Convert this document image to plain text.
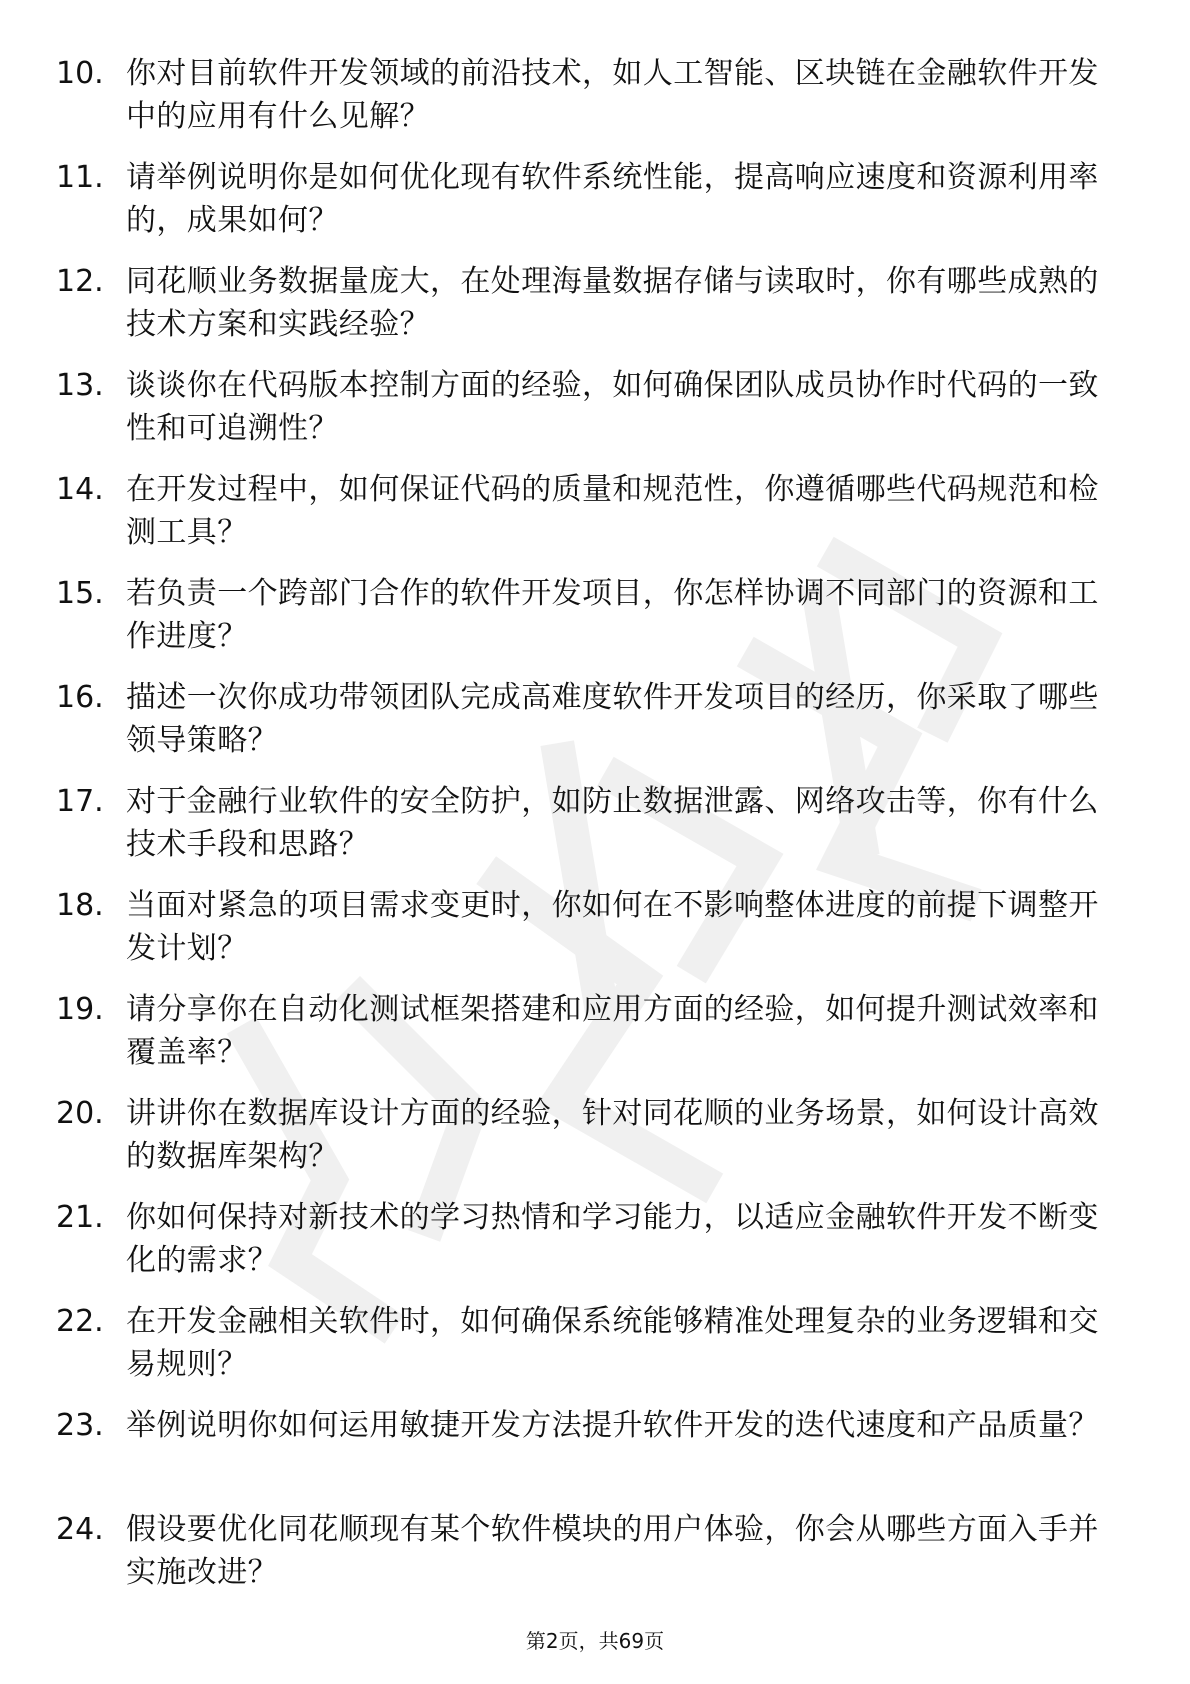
10. 你对目前软件开发领域的前沿技术，如人工智能、区块链在金融软件开发中的应用有什么见解？
11. 请举例说明你是如何优化现有软件系统性能，提高响应速度和资源利用率的，成果如何？
12. 同花顺业务数据量庞大，在处理海量数据存储与读取时，你有哪些成熟的技术方案和实践经验？
13. 谈谈你在代码版本控制方面的经验，如何确保团队成员协作时代码的一致性和可追溯性？
14. 在开发过程中，如何保证代码的质量和规范性，你遵循哪些代码规范和检测工具？
15. 若负责一个跨部门合作的软件开发项目，你怎样协调不同部门的资源和工作进度？
16. 描述一次你成功带领团队完成高难度软件开发项目的经历，你采取了哪些领导策略？
17. 对于金融行业软件的安全防护，如防止数据泄露、网络攻击等，你有什么技术手段和思路？
18. 当面对紧急的项目需求变更时，你如何在不影响整体进度的前提下调整开发计划？
19. 请分享你在自动化测试框架搭建和应用方面的经验，如何提升测试效率和覆盖率？
20. 讲讲你在数据库设计方面的经验，针对同花顺的业务场景，如何设计高效的数据库架构？
21. 你如何保持对新技术的学习热情和学习能力，以适应金融软件开发不断变化的需求？
22. 在开发金融相关软件时，如何确保系统能够精准处理复杂的业务逻辑和交易规则？
23. 举例说明你如何运用敏捷开发方法提升软件开发的迭代速度和产品质量？
24. 假设要优化同花顺现有某个软件模块的用户体验，你会从哪些方面入手并实施改进？
第2页，共69页
